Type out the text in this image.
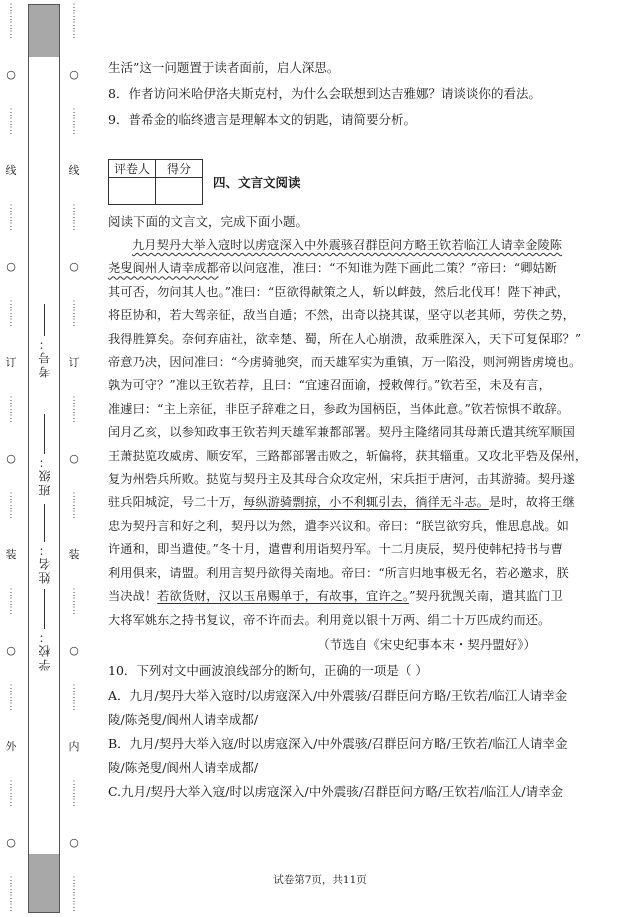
⋮
⋮
⋮
⋮
○
⋮
⋮
⋮
线
⋮
⋮
⋮
○
⋮
⋮
⋮
订
⋮
⋮
⋮
○
⋮
⋮
⋮
装
⋮
⋮
⋮
○
⋮
⋮
⋮
外
⋮
⋮
⋮
○
⋮
⋮
⋮
⋮
考号：
班级：
姓名：
学校：
⋮
⋮
⋮
⋮
○
⋮
⋮
⋮
线
⋮
⋮
⋮
○
⋮
⋮
⋮
订
⋮
⋮
⋮
○
⋮
⋮
⋮
装
⋮
⋮
⋮
○
⋮
⋮
⋮
内
⋮
⋮
⋮
○
⋮
⋮
⋮
⋮
生活”这一问题置于读者面前，启人深思。
8．作者访问米哈伊洛夫斯克村，为什么会联想到达吉雅娜？请谈谈你的看法。
9．普希金的临终遗言是理解本文的钥匙，请简要分析。
评卷人	得分

四、文言文阅读
阅读下面的文言文，完成下面小题。
九月契丹大举入寇时以虏寇深入中外震骇召群臣问方略王钦若临江人请幸金陵陈
尧叟阆州人请幸成都帝以问寇准，准曰：“不知谁为陛下画此二策？”帝曰：“卿姑断
其可否，勿问其人也。”准曰：“臣欲得献策之人，斩以衅鼓，然后北伐耳！陛下神武，
将臣协和，若大驾亲征，敌当自遁；不然，出奇以挠其谋，坚守以老其师，劳佚之势，
我得胜算矣。奈何弃庙社，欲幸楚、蜀，所在人心崩溃，敌乘胜深入，天下可复保耶？”
帝意乃决，因问准曰：“今虏骑驰突，而天雄军实为重镇，万一陷没，则河朔皆虏境也。
孰为可守？”准以王钦若荐，且曰：“宜速召面谕，授敕俾行。”钦若至，未及有言，
准遽曰：“主上亲征，非臣子辞难之日，参政为国柄臣，当体此意。”钦若惊惧不敢辞。
闰月乙亥，以参知政事王钦若判天雄军兼都部署。契丹主隆绪同其母萧氏遣其统军顺国
王萧挞览攻威虏、顺安军，三路都部署击败之，斩偏将，获其辎重。又攻北平砦及保州，
复为州砦兵所败。挞览与契丹主及其母合众攻定州，宋兵拒于唐河，击其游骑。契丹遂
驻兵阳城淀，号二十万，每纵游骑剽掠，小不利辄引去，徜徉无斗志。是时，故将王继
忠为契丹言和好之利，契丹以为然，遣李兴议和。帝曰：“朕岂欲穷兵，惟思息战。如
许通和，即当遣使。”冬十月，遣曹利用诣契丹军。十二月庚辰，契丹使韩杞持书与曹
利用俱来，请盟。利用言契丹欲得关南地。帝曰：“所言归地事极无名，若必邀求，朕
当决战！若欲货财，汉以玉帛赐单于，有故事，宜许之。”契丹犹觊关南，遣其监门卫
大将军姚东之持书复议，帝不许而去。利用竟以银十万两、绢二十万匹成约而还。
（节选自《宋史纪事本末・契丹盟好》）
10．下列对文中画波浪线部分的断句，正确的一项是（ ）
A．九月/契丹大举入寇时/以虏寇深入/中外震骇/召群臣问方略/王钦若/临江人请幸金
陵/陈尧叟/阆州人请幸成都/
B．九月/契丹大举入寇/时以虏寇深入/中外震骇/召群臣问方略/王钦若/临江人请幸金
陵/陈尧叟/阆州人请幸成都/
C.九月/契丹大举入寇/时以虏寇深入/中外震骇/召群臣问方略/王钦若/临江人/请幸金
试卷第7页，共11页
